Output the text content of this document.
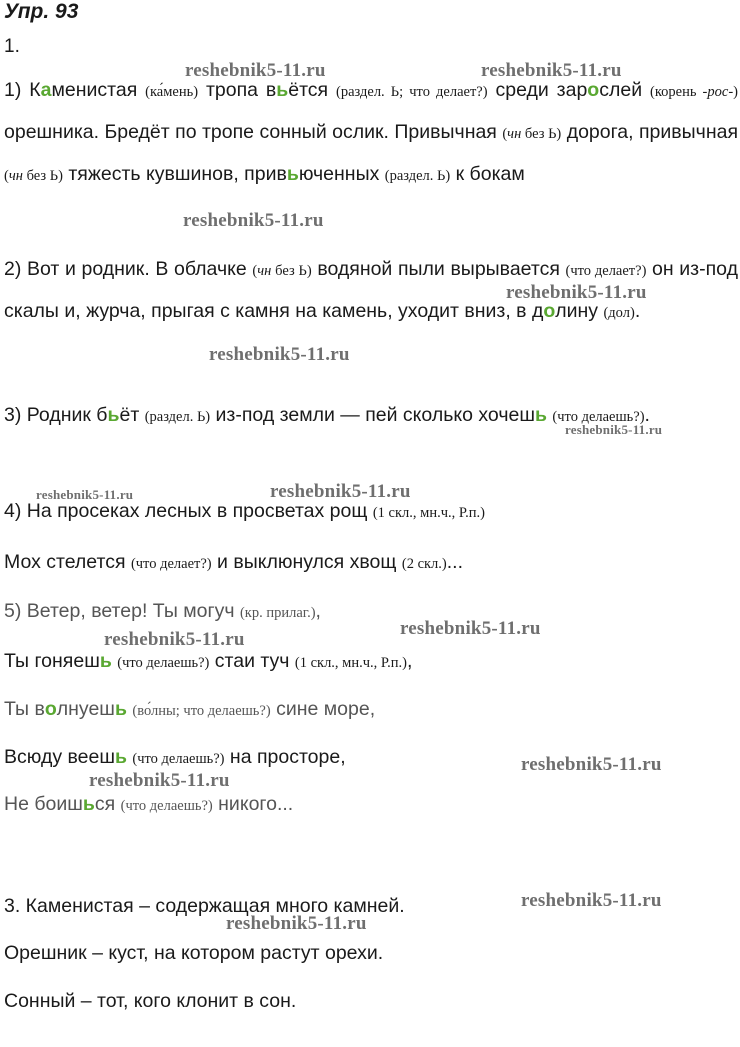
Упр. 93
1.
1) Каменистая (ка́мень) тропа вьётся (раздел. Ь; что делает?) среди зарослей (корень -рос-) орешника. Бредёт по тропе сонный ослик. Привычная (чн без Ь) дорога, привычная (чн без Ь) тяжесть кувшинов, привьюченных (раздел. Ь) к бокам
2) Вот и родник. В облачке (чн без Ь) водяной пыли вырывается (что делает?) он из-под скалы и, журча, прыгая с камня на камень, уходит вниз, в долину (дол).
3) Родник бьёт (раздел. Ь) из-под земли — пей сколько хочешь (что делаешь?).
4) На просеках лесных в просветах рощ (1 скл., мн.ч., Р.п.)
Мох стелется (что делает?) и выклюнулся хвощ (2 скл.)...
5) Ветер, ветер! Ты могуч (кр. прилаг.),
Ты гоняешь (что делаешь?) стаи туч (1 скл., мн.ч., Р.п.),
Ты волнуешь (во́лны; что делаешь?) сине море,
Всюду веешь (что делаешь?) на просторе,
Не боишься (что делаешь?) никого...
3. Каменистая – содержащая много камней.
Орешник – куст, на котором растут орехи.
Сонный – тот, кого клонит в сон.
reshebnik5-11.ru	reshebnik5-11.ru
reshebnik5-11.ru
reshebnik5-11.ru
reshebnik5-11.ru
reshebnik5-11.ru
reshebnik5-11.ru	reshebnik5-11.ru
reshebnik5-11.ru
reshebnik5-11.ru
reshebnik5-11.ru
reshebnik5-11.ru
reshebnik5-11.ru
reshebnik5-11.ru
